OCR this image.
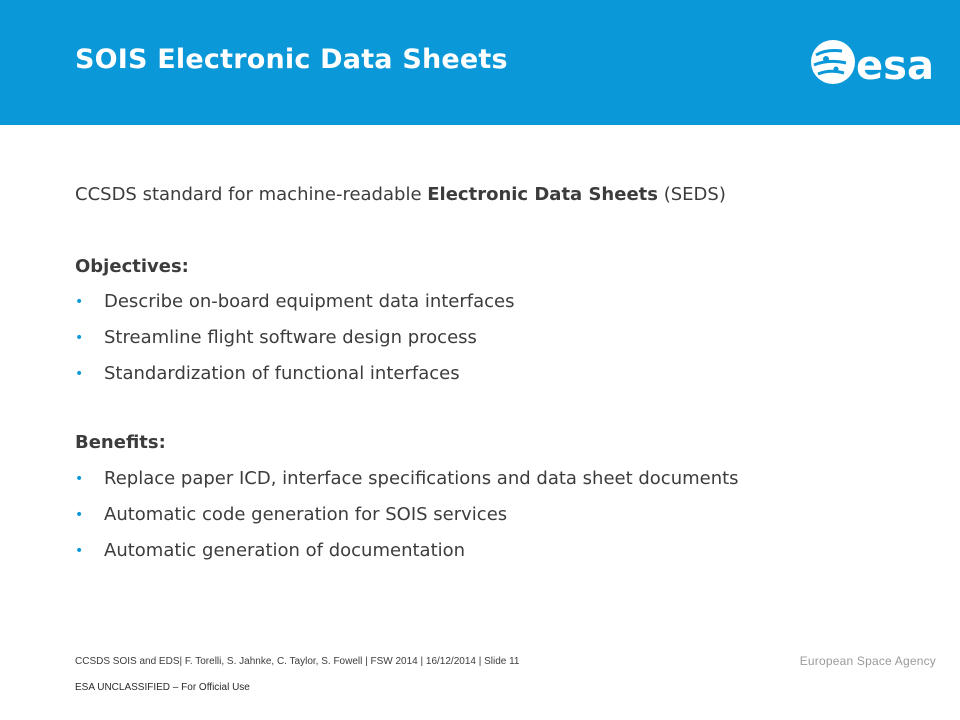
SOIS Electronic Data Sheets	esa
CCSDS standard for machine-readable Electronic Data Sheets (SEDS)
Objectives:
• Describe on-board equipment data interfaces
• Streamline flight software design process
• Standardization of functional interfaces
Benefits:
• Replace paper ICD, interface specifications and data sheet documents
• Automatic code generation for SOIS services
• Automatic generation of documentation
CCSDS SOIS and EDS| F. Torelli, S. Jahnke, C. Taylor, S. Fowell | FSW 2014 | 16/12/2014 | Slide 11	European Space Agency
ESA UNCLASSIFIED – For Official Use
